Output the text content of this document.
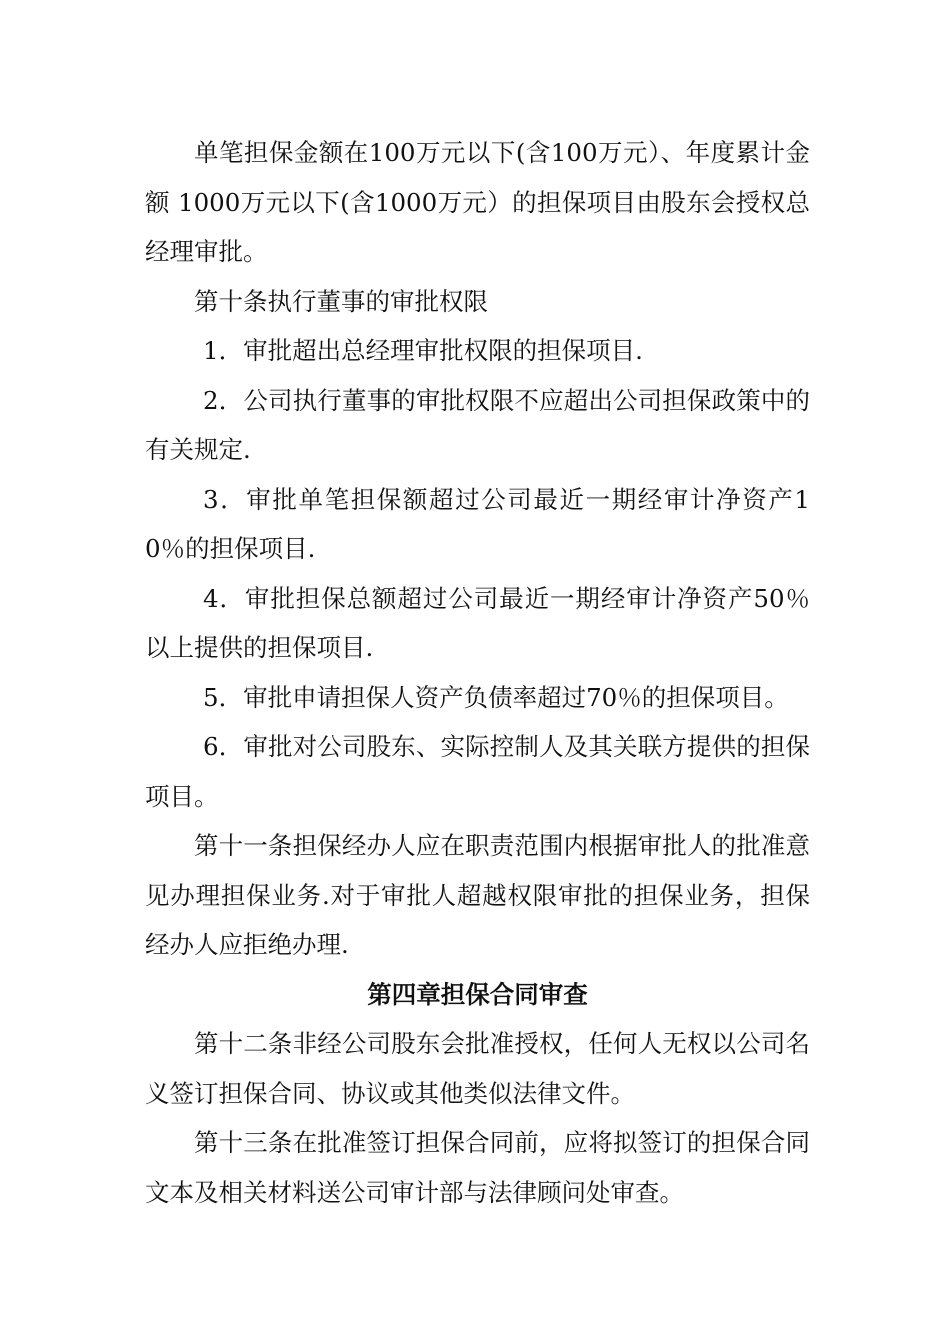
单笔担保金额在100万元以下(含100万元）、年度累计金额 1000万元以下(含1000万元）的担保项目由股东会授权总经理审批。

第十条执行董事的审批权限

1．审批超出总经理审批权限的担保项目.

2．公司执行董事的审批权限不应超出公司担保政策中的有关规定.

3．审批单笔担保额超过公司最近一期经审计净资产10％的担保项目.

4．审批担保总额超过公司最近一期经审计净资产50％以上提供的担保项目.

5．审批申请担保人资产负债率超过70％的担保项目。

6．审批对公司股东、实际控制人及其关联方提供的担保项目。

第十一条担保经办人应在职责范围内根据审批人的批准意见办理担保业务.对于审批人超越权限审批的担保业务，担保经办人应拒绝办理.

第四章担保合同审查

第十二条非经公司股东会批准授权，任何人无权以公司名义签订担保合同、协议或其他类似法律文件。

第十三条在批准签订担保合同前，应将拟签订的担保合同文本及相关材料送公司审计部与法律顾问处审查。
